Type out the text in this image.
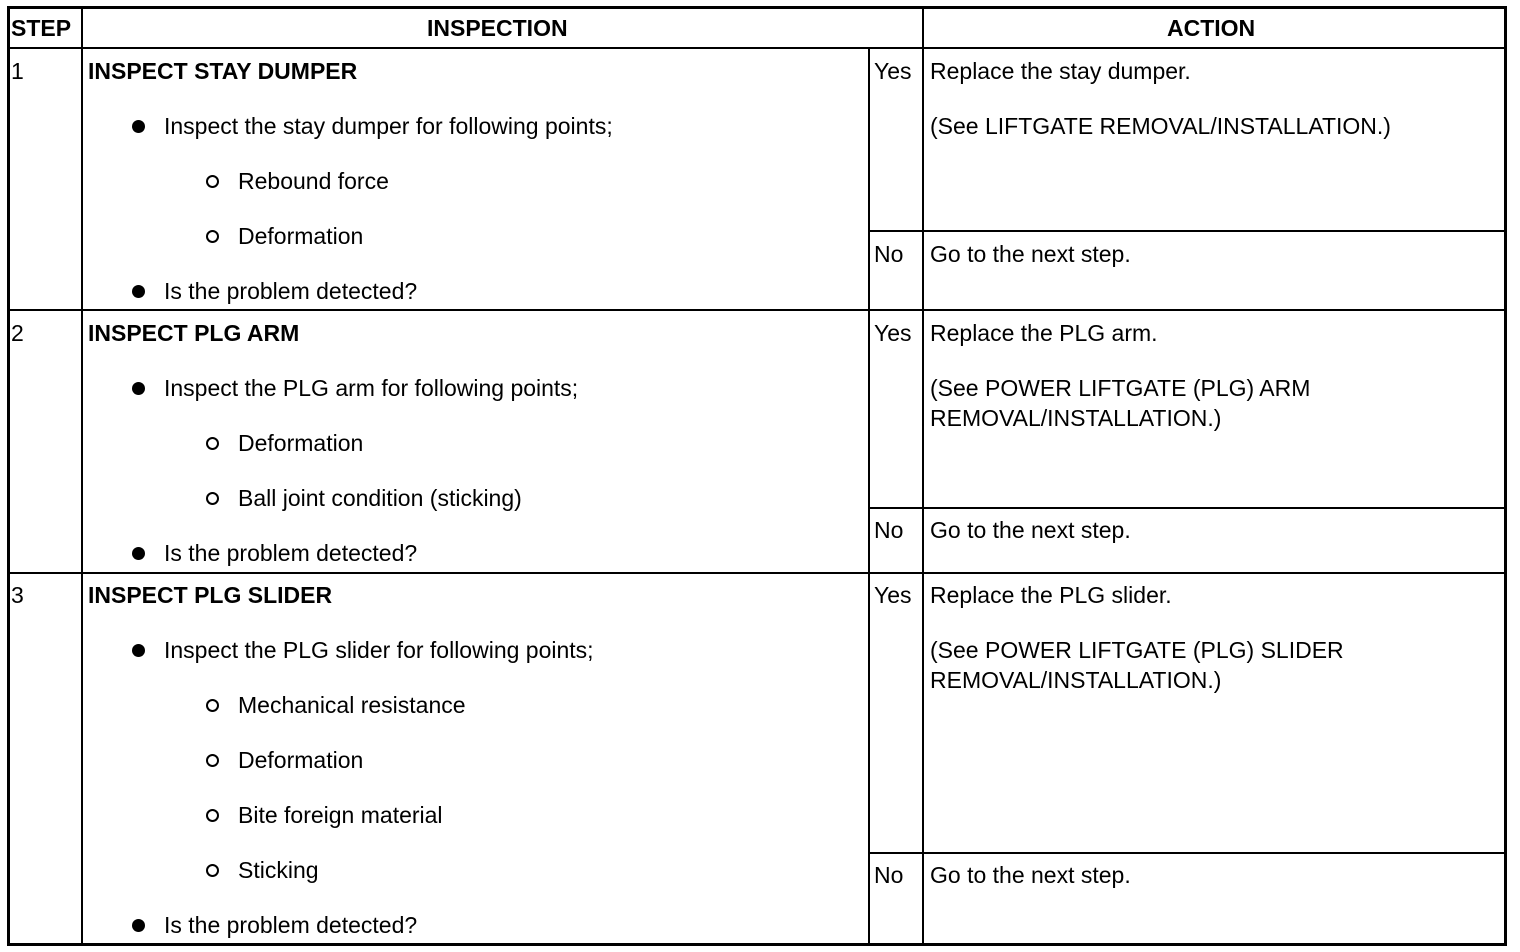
STEP	INSPECTION	ACTION
1	INSPECT STAY DUMPER
Inspect the stay dumper for following points;
Rebound force
Deformation
Is the problem detected?
Yes Replace the stay dumper.
(See LIFTGATE REMOVAL/INSTALLATION.)
No Go to the next step.
2	INSPECT PLG ARM
Inspect the PLG arm for following points;
Deformation
Ball joint condition (sticking)
Is the problem detected?
Yes Replace the PLG arm.
(See POWER LIFTGATE (PLG) ARM REMOVAL/INSTALLATION.)
No Go to the next step.
3	INSPECT PLG SLIDER
Inspect the PLG slider for following points;
Mechanical resistance
Deformation
Bite foreign material
Sticking
Is the problem detected?
Yes Replace the PLG slider.
(See POWER LIFTGATE (PLG) SLIDER REMOVAL/INSTALLATION.)
No Go to the next step.
